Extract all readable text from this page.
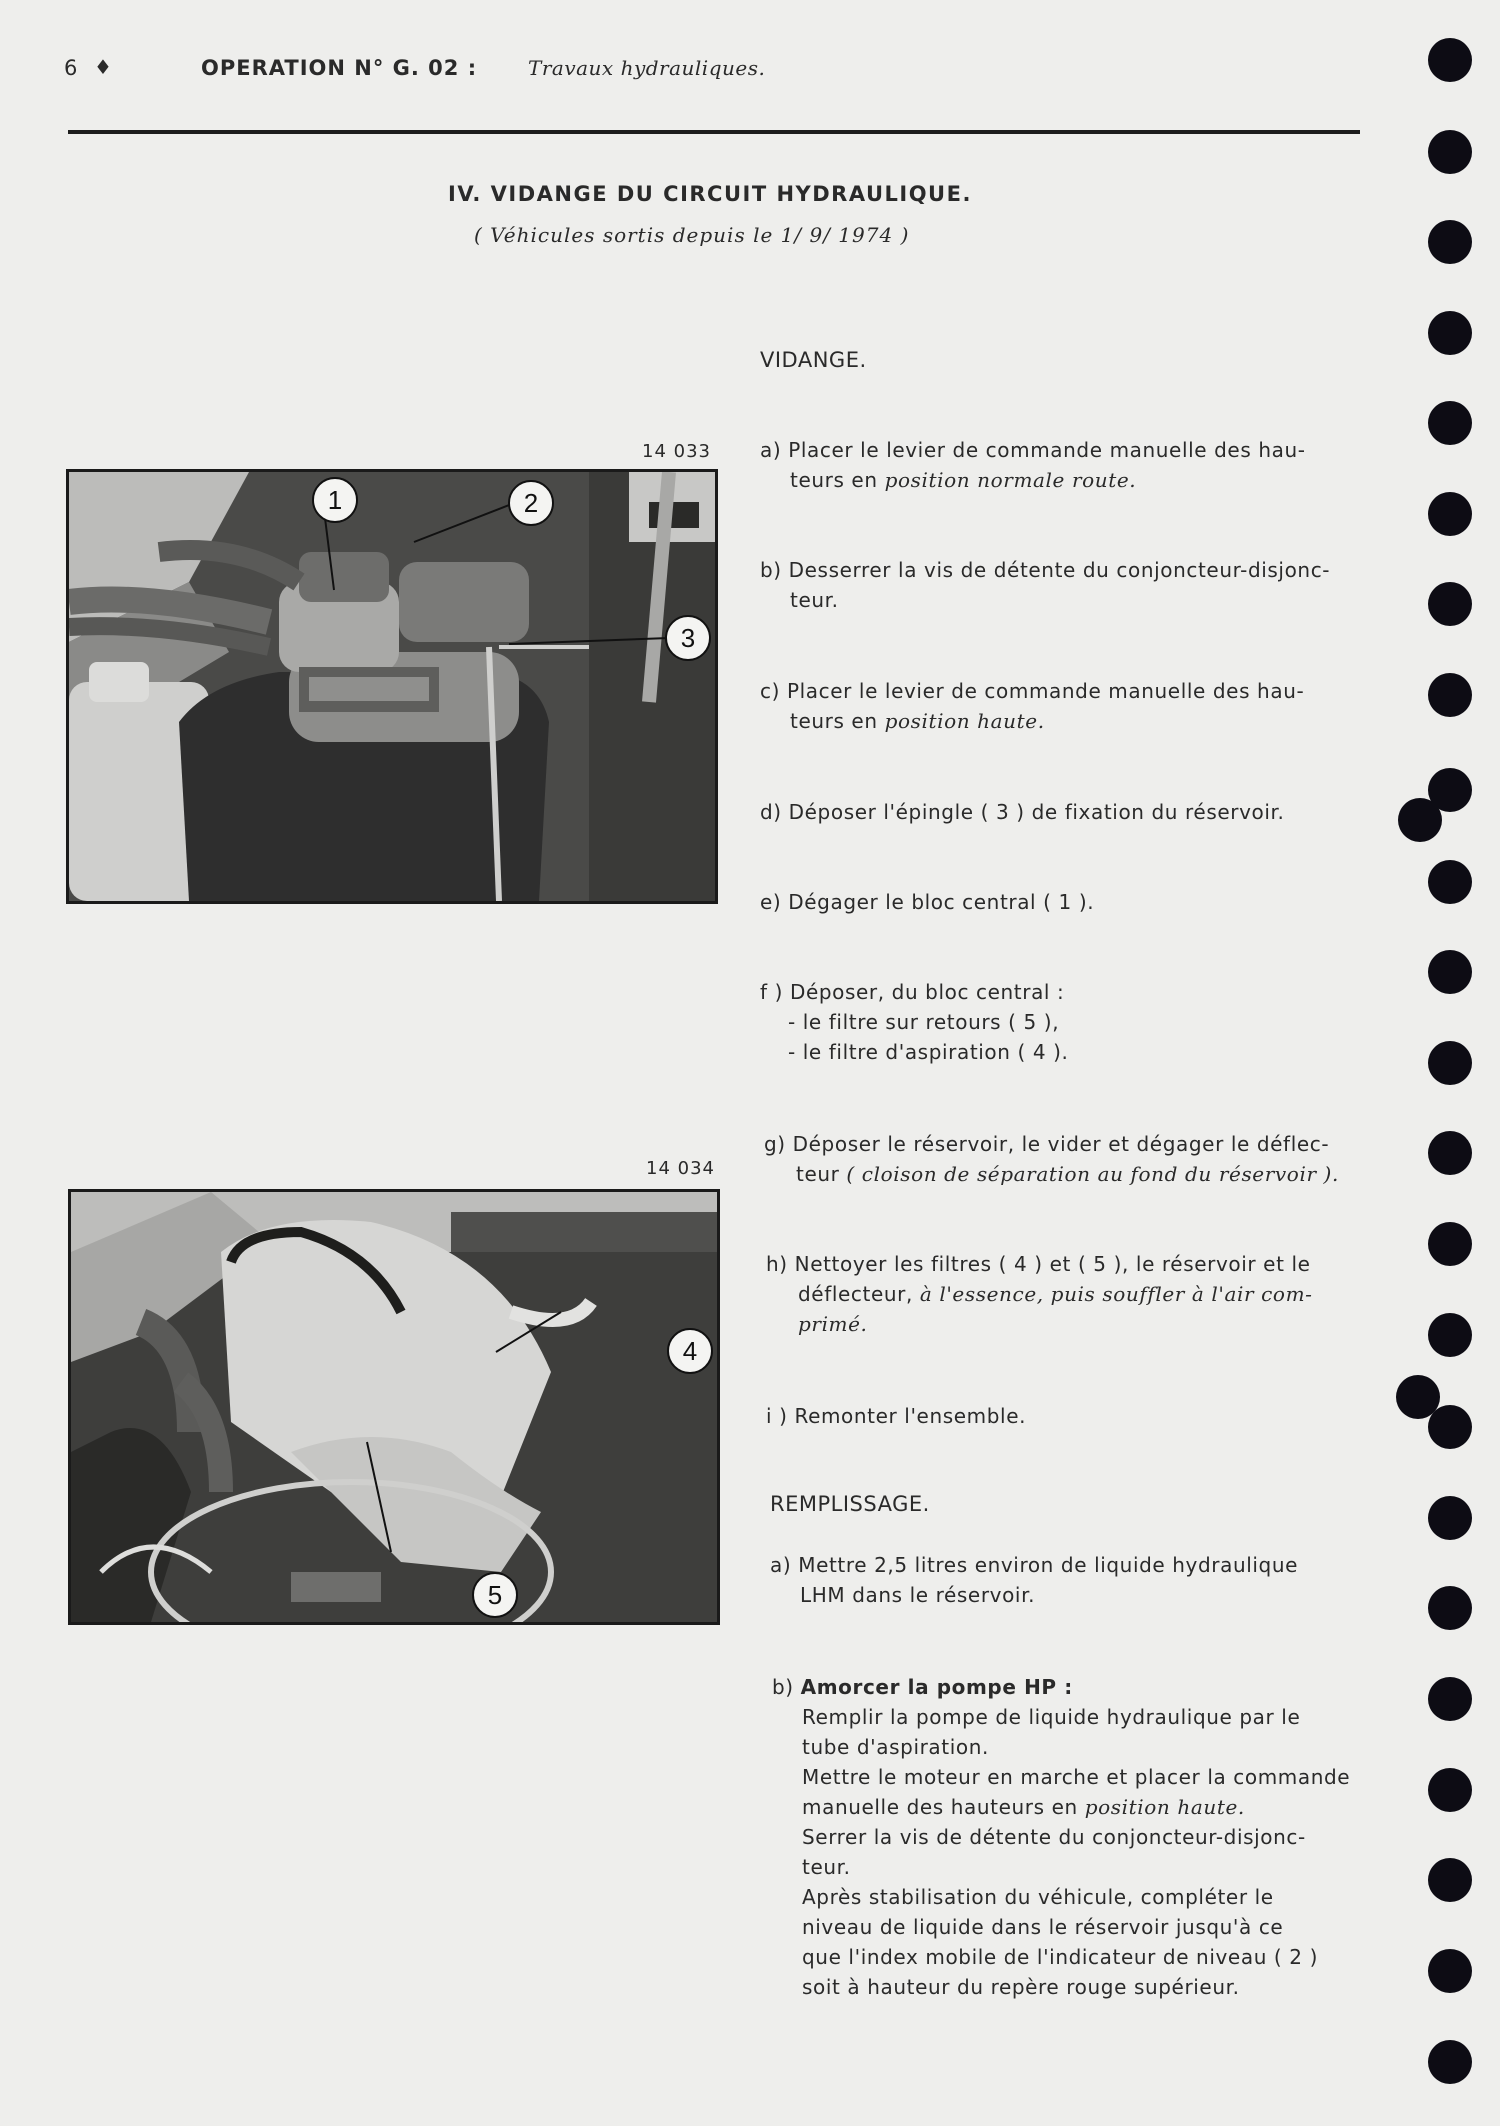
6 ♦	OPERATION N° G. 02 :	Travaux hydrauliques.
IV. VIDANGE DU CIRCUIT HYDRAULIQUE.
( Véhicules sortis depuis le 1/ 9/ 1974 )
14 033
1	2
3
14 034
4
5
VIDANGE.
a) Placer le levier de commande manuelle des hau-
teurs en position normale route.
b) Desserrer la vis de détente du conjoncteur-disjonc-
teur.
c) Placer le levier de commande manuelle des hau-
teurs en position haute.
d) Déposer l'épingle ( 3 ) de fixation du réservoir.
e) Dégager le bloc central ( 1 ).
f ) Déposer, du bloc central :
- le filtre sur retours ( 5 ),
- le filtre d'aspiration ( 4 ).
g) Déposer le réservoir, le vider et dégager le déflec-
teur ( cloison de séparation au fond du réservoir ).
h) Nettoyer les filtres ( 4 ) et ( 5 ), le réservoir et le
déflecteur, à l'essence, puis souffler à l'air com-
primé.
i ) Remonter l'ensemble.
REMPLISSAGE.
a) Mettre 2,5 litres environ de liquide hydraulique
LHM dans le réservoir.
b) Amorcer la pompe HP :
Remplir la pompe de liquide hydraulique par le
tube d'aspiration.
Mettre le moteur en marche et placer la commande
manuelle des hauteurs en position haute.
Serrer la vis de détente du conjoncteur-disjonc-
teur.
Après stabilisation du véhicule, compléter le
niveau de liquide dans le réservoir jusqu'à ce
que l'index mobile de l'indicateur de niveau ( 2 )
soit à hauteur du repère rouge supérieur.
